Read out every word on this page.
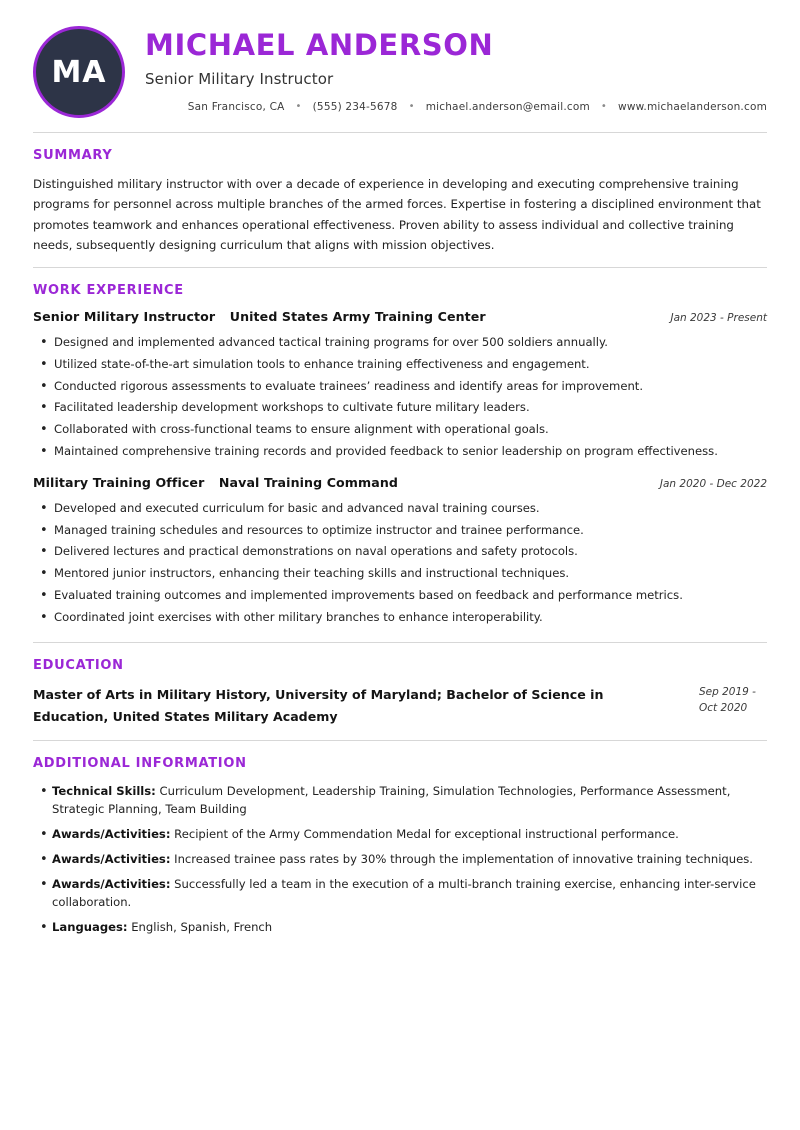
MA
MICHAEL ANDERSON
Senior Military Instructor
San Francisco, CA • (555) 234-5678 • michael.anderson@email.com • www.michaelanderson.com
SUMMARY

Distinguished military instructor with over a decade of experience in developing and executing comprehensive training programs for personnel across multiple branches of the armed forces. Expertise in fostering a disciplined environment that promotes teamwork and enhances operational effectiveness. Proven ability to assess individual and collective training needs, subsequently designing curriculum that aligns with mission objectives.

WORK EXPERIENCE
Senior Military Instructor United States Army Training Center	Jan 2023 - Present
• Designed and implemented advanced tactical training programs for over 500 soldiers annually.
• Utilized state-of-the-art simulation tools to enhance training effectiveness and engagement.
• Conducted rigorous assessments to evaluate trainees’ readiness and identify areas for improvement.
• Facilitated leadership development workshops to cultivate future military leaders.
• Collaborated with cross-functional teams to ensure alignment with operational goals.
• Maintained comprehensive training records and provided feedback to senior leadership on program effectiveness.
Military Training Officer Naval Training Command	Jan 2020 - Dec 2022
• Developed and executed curriculum for basic and advanced naval training courses.
• Managed training schedules and resources to optimize instructor and trainee performance.
• Delivered lectures and practical demonstrations on naval operations and safety protocols.
• Mentored junior instructors, enhancing their teaching skills and instructional techniques.
• Evaluated training outcomes and implemented improvements based on feedback and performance metrics.
• Coordinated joint exercises with other military branches to enhance interoperability.
EDUCATION
Master of Arts in Military History, University of Maryland; Bachelor of Science in Education, United States Military Academy
Sep 2019 - Oct 2020
ADDITIONAL INFORMATION
• Technical Skills: Curriculum Development, Leadership Training, Simulation Technologies, Performance Assessment, Strategic Planning, Team Building
• Awards/Activities: Recipient of the Army Commendation Medal for exceptional instructional performance.
• Awards/Activities: Increased trainee pass rates by 30% through the implementation of innovative training techniques.
• Awards/Activities: Successfully led a team in the execution of a multi-branch training exercise, enhancing inter-service collaboration.
• Languages: English, Spanish, French
